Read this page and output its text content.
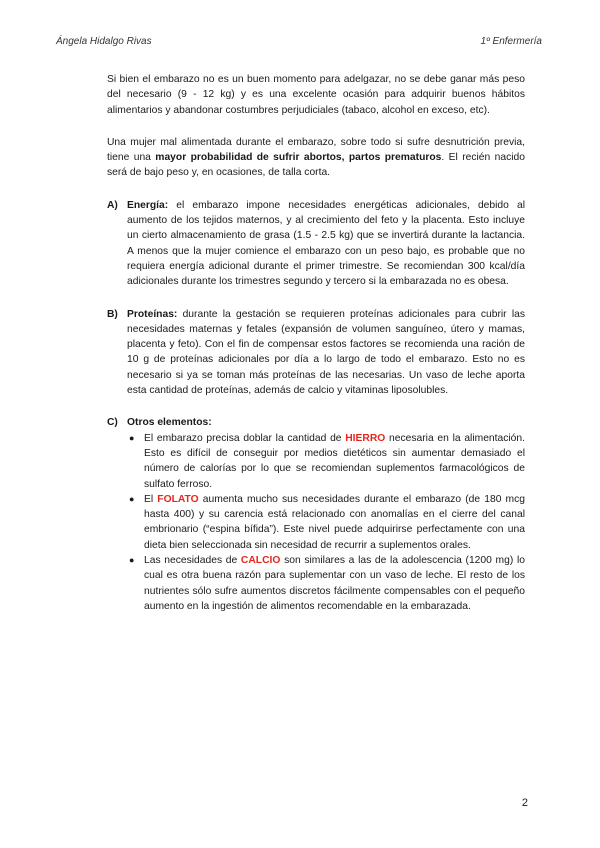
Ángela Hidalgo Rivas	1º Enfermería

Si bien el embarazo no es un buen momento para adelgazar, no se debe ganar más peso del necesario (9 - 12 kg) y es una excelente ocasión para adquirir buenos hábitos alimentarios y abandonar costumbres perjudiciales (tabaco, alcohol en exceso, etc).

Una mujer mal alimentada durante el embarazo, sobre todo si sufre desnutrición previa, tiene una mayor probabilidad de sufrir abortos, partos prematuros. El recién nacido será de bajo peso y, en ocasiones, de talla corta.

A) Energía: el embarazo impone necesidades energéticas adicionales, debido al aumento de los tejidos maternos, y al crecimiento del feto y la placenta. Esto incluye un cierto almacenamiento de grasa (1.5 - 2.5 kg) que se invertirá durante la lactancia. A menos que la mujer comience el embarazo con un peso bajo, es probable que no requiera energía adicional durante el primer trimestre. Se recomiendan 300 kcal/día adicionales durante los trimestres segundo y tercero si la embarazada no es obesa.
B) Proteínas: durante la gestación se requieren proteínas adicionales para cubrir las necesidades maternas y fetales (expansión de volumen sanguíneo, útero y mamas, placenta y feto). Con el fin de compensar estos factores se recomienda una ración de 10 g de proteínas adicionales por día a lo largo de todo el embarazo. Esto no es necesario si ya se toman más proteínas de las necesarias. Un vaso de leche aporta esta cantidad de proteínas, además de calcio y vitaminas liposolubles.
C) Otros elementos:
● El embarazo precisa doblar la cantidad de HIERRO necesaria en la alimentación. Esto es difícil de conseguir por medios dietéticos sin aumentar demasiado el número de calorías por lo que se recomiendan suplementos farmacológicos de sulfato ferroso.
● El FOLATO aumenta mucho sus necesidades durante el embarazo (de 180 mcg hasta 400) y su carencia está relacionado con anomalías en el cierre del canal embrionario (“espina bífida”). Este nivel puede adquirirse perfectamente con una dieta bien seleccionada sin necesidad de recurrir a suplementos orales.
● Las necesidades de CALCIO son similares a las de la adolescencia (1200 mg) lo cual es otra buena razón para suplementar con un vaso de leche. El resto de los nutrientes sólo sufre aumentos discretos fácilmente compensables con el pequeño aumento en la ingestión de alimentos recomendable en la embarazada.
2
